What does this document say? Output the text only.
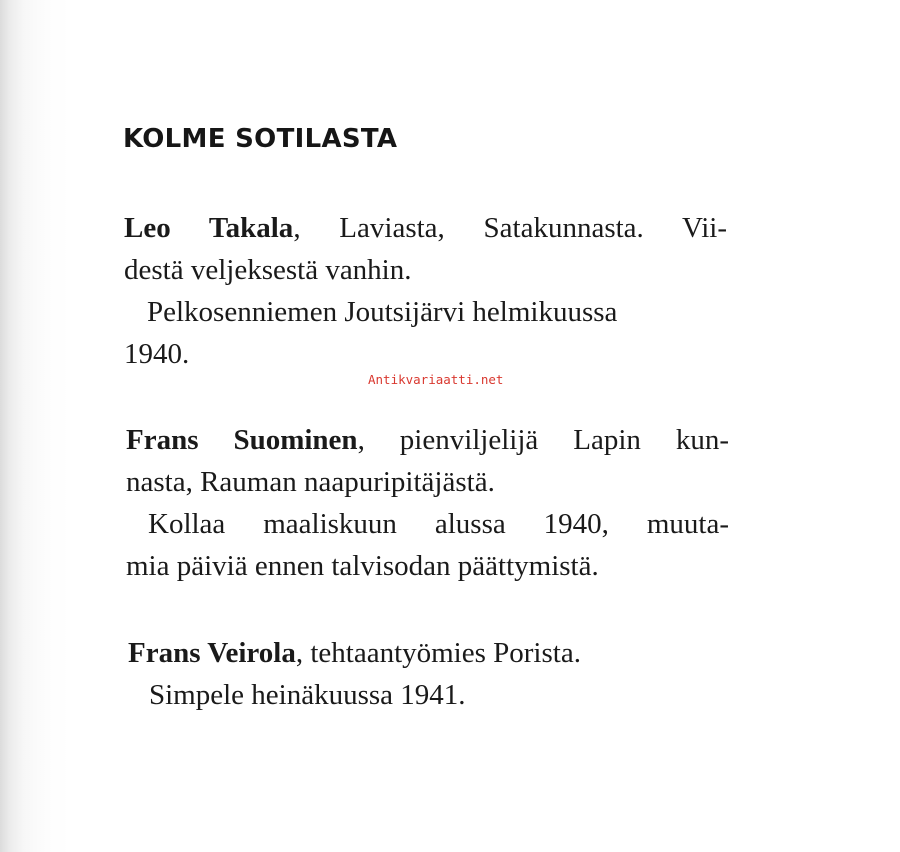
KOLME SOTILASTA
Leo Takala, Laviasta, Satakunnasta. Vii-
destä veljeksestä vanhin.
Pelkosenniemen Joutsijärvi helmikuussa
1940.
Antikvariaatti.net
Frans Suominen, pienviljelijä Lapin kun-
nasta, Rauman naapuripitäjästä.
Kollaa maaliskuun alussa 1940, muuta-
mia päiviä ennen talvisodan päättymistä.
Frans Veirola, tehtaantyömies Porista.
Simpele heinäkuussa 1941.
